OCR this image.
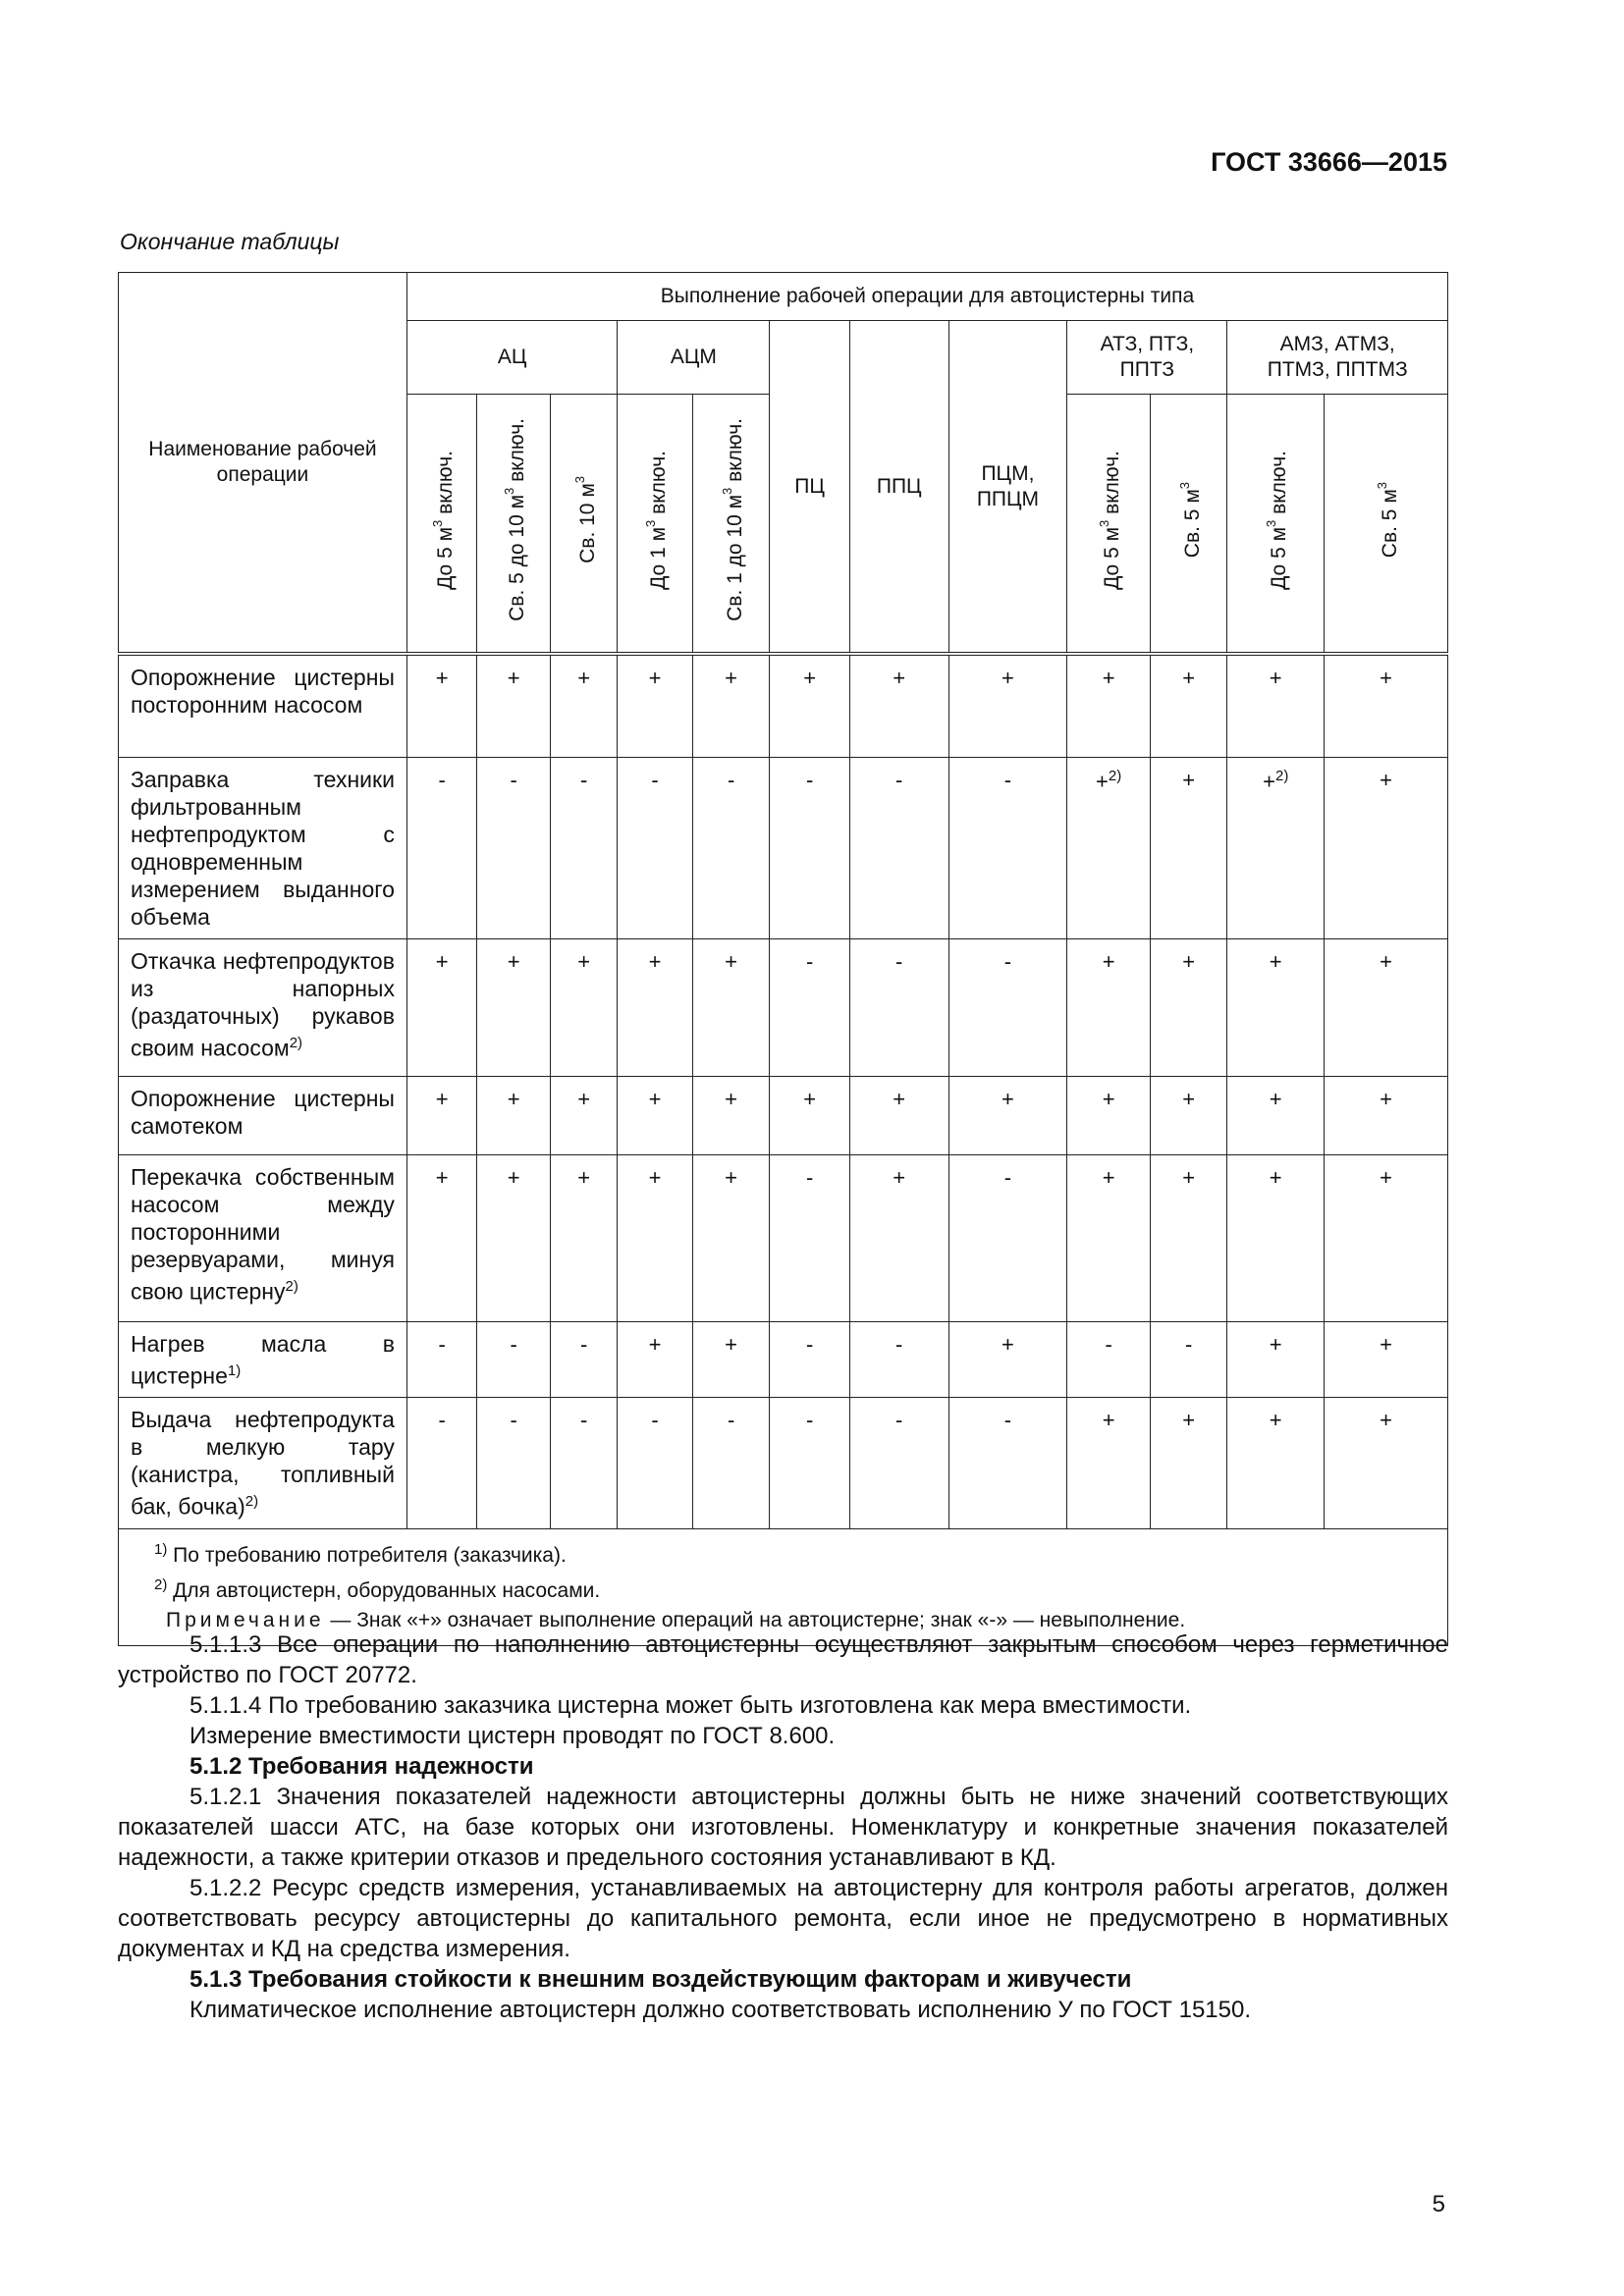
ГОСТ 33666—2015
Окончание таблицы
Наименование рабочей операции	Выполнение рабочей операции для автоцистерны типа											
	АЦ			АЦМ		ПЦ	ППЦ	ПЦМ, ППЦМ	АТЗ, ПТЗ, ППТЗ		АМЗ, АТМЗ, ПТМЗ, ППТМЗ	
	До 5 $м^3$ включ.	Св. 5 до 10 $м^3$ включ.	Св. 10 $м^3$	До 1 $м^3$ включ.	Св. 1 до 10 $м^3$ включ.				До 5 $м^3$ включ.	Св. 5 $м^3$	До 5 $м^3$ включ.	Св. 5 $м^3$
Опорожнение цистерны посторонним насосом	+	+	+	+	+	+	+	+	+	+	+	+
Заправка техники фильтрованным нефтепродуктом с одновременным измерением выданного объема	-	-	-	-	-	-	-	-	+$^{2)}$	+	+$^{2)}$	+
Откачка нефтепродуктов из напорных (раздаточных) рукавов своим насосом$^{2)}$	+	+	+	+	+	-	-	-	+	+	+	+
Опорожнение цистерны самотеком	+	+	+	+	+	+	+	+	+	+	+	+
Перекачка собственным насосом между посторонними резервуарами, минуя свою цистерну$^{2)}$	+	+	+	+	+	-	+	-	+	+	+	+
Нагрев масла в цистерне$^{1)}$	-	-	-	+	+	-	-	+	-	-	+	+
Выдача нефтепродукта в мелкую тару (канистра, топливный бак, бочка)$^{2)}$	-	-	-	-	-	-	-	-	+	+	+	+

$^{1)}$ По требованию потребителя (заказчика).
$^{2)}$ Для автоцистерн, оборудованных насосами.
Примечание — Знак «+» означает выполнение операций на автоцистерне; знак «-» — невыполнение.												

5.1.1.3 Все операции по наполнению автоцистерны осуществляют закрытым способом через герметичное устройство по ГОСТ 20772.

5.1.1.4 По требованию заказчика цистерна может быть изготовлена как мера вместимости.

Измерение вместимости цистерн проводят по ГОСТ 8.600.

5.1.2 Требования надежности

5.1.2.1 Значения показателей надежности автоцистерны должны быть не ниже значений соответствующих показателей шасси АТС, на базе которых они изготовлены. Номенклатуру и конкретные значения показателей надежности, а также критерии отказов и предельного состояния устанавливают в КД.

5.1.2.2 Ресурс средств измерения, устанавливаемых на автоцистерну для контроля работы агрегатов, должен соответствовать ресурсу автоцистерны до капитального ремонта, если иное не предусмотрено в нормативных документах и КД на средства измерения.

5.1.3 Требования стойкости к внешним воздействующим факторам и живучести

Климатическое исполнение автоцистерн должно соответствовать исполнению У по ГОСТ 15150.

5
